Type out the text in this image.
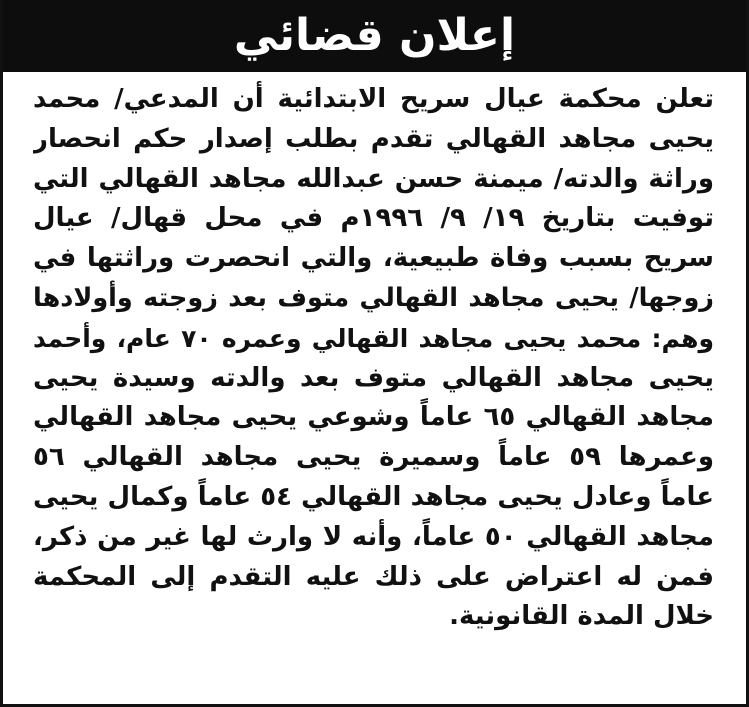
إعلان قضائي
تعلن محكمة عيال سريح الابتدائية أن المدعي/ محمد
يحيى مجاهد القهالي تقدم بطلب إصدار حكم انحصار
وراثة والدته/ ميمنة حسن عبدالله مجاهد القهالي التي
توفيت بتاريخ ١٩/ ٩/ ١٩٩٦م في محل قهال/ عيال
سريح بسبب وفاة طبيعية، والتي انحصرت وراثتها في
زوجها/ يحيى مجاهد القهالي متوف بعد زوجته وأولادها
وهم: محمد يحيى مجاهد القهالي وعمره ٧٠ عام، وأحمد
يحيى مجاهد القهالي متوف بعد والدته وسيدة يحيى
مجاهد القهالي ٦٥ عاماً وشوعي يحيى مجاهد القهالي
وعمرها ٥٩ عاماً وسميرة يحيى مجاهد القهالي ٥٦
عاماً وعادل يحيى مجاهد القهالي ٥٤ عاماً وكمال يحيى
مجاهد القهالي ٥٠ عاماً، وأنه لا وارث لها غير من ذكر،
فمن له اعتراض على ذلك عليه التقدم إلى المحكمة
خلال المدة القانونية.
